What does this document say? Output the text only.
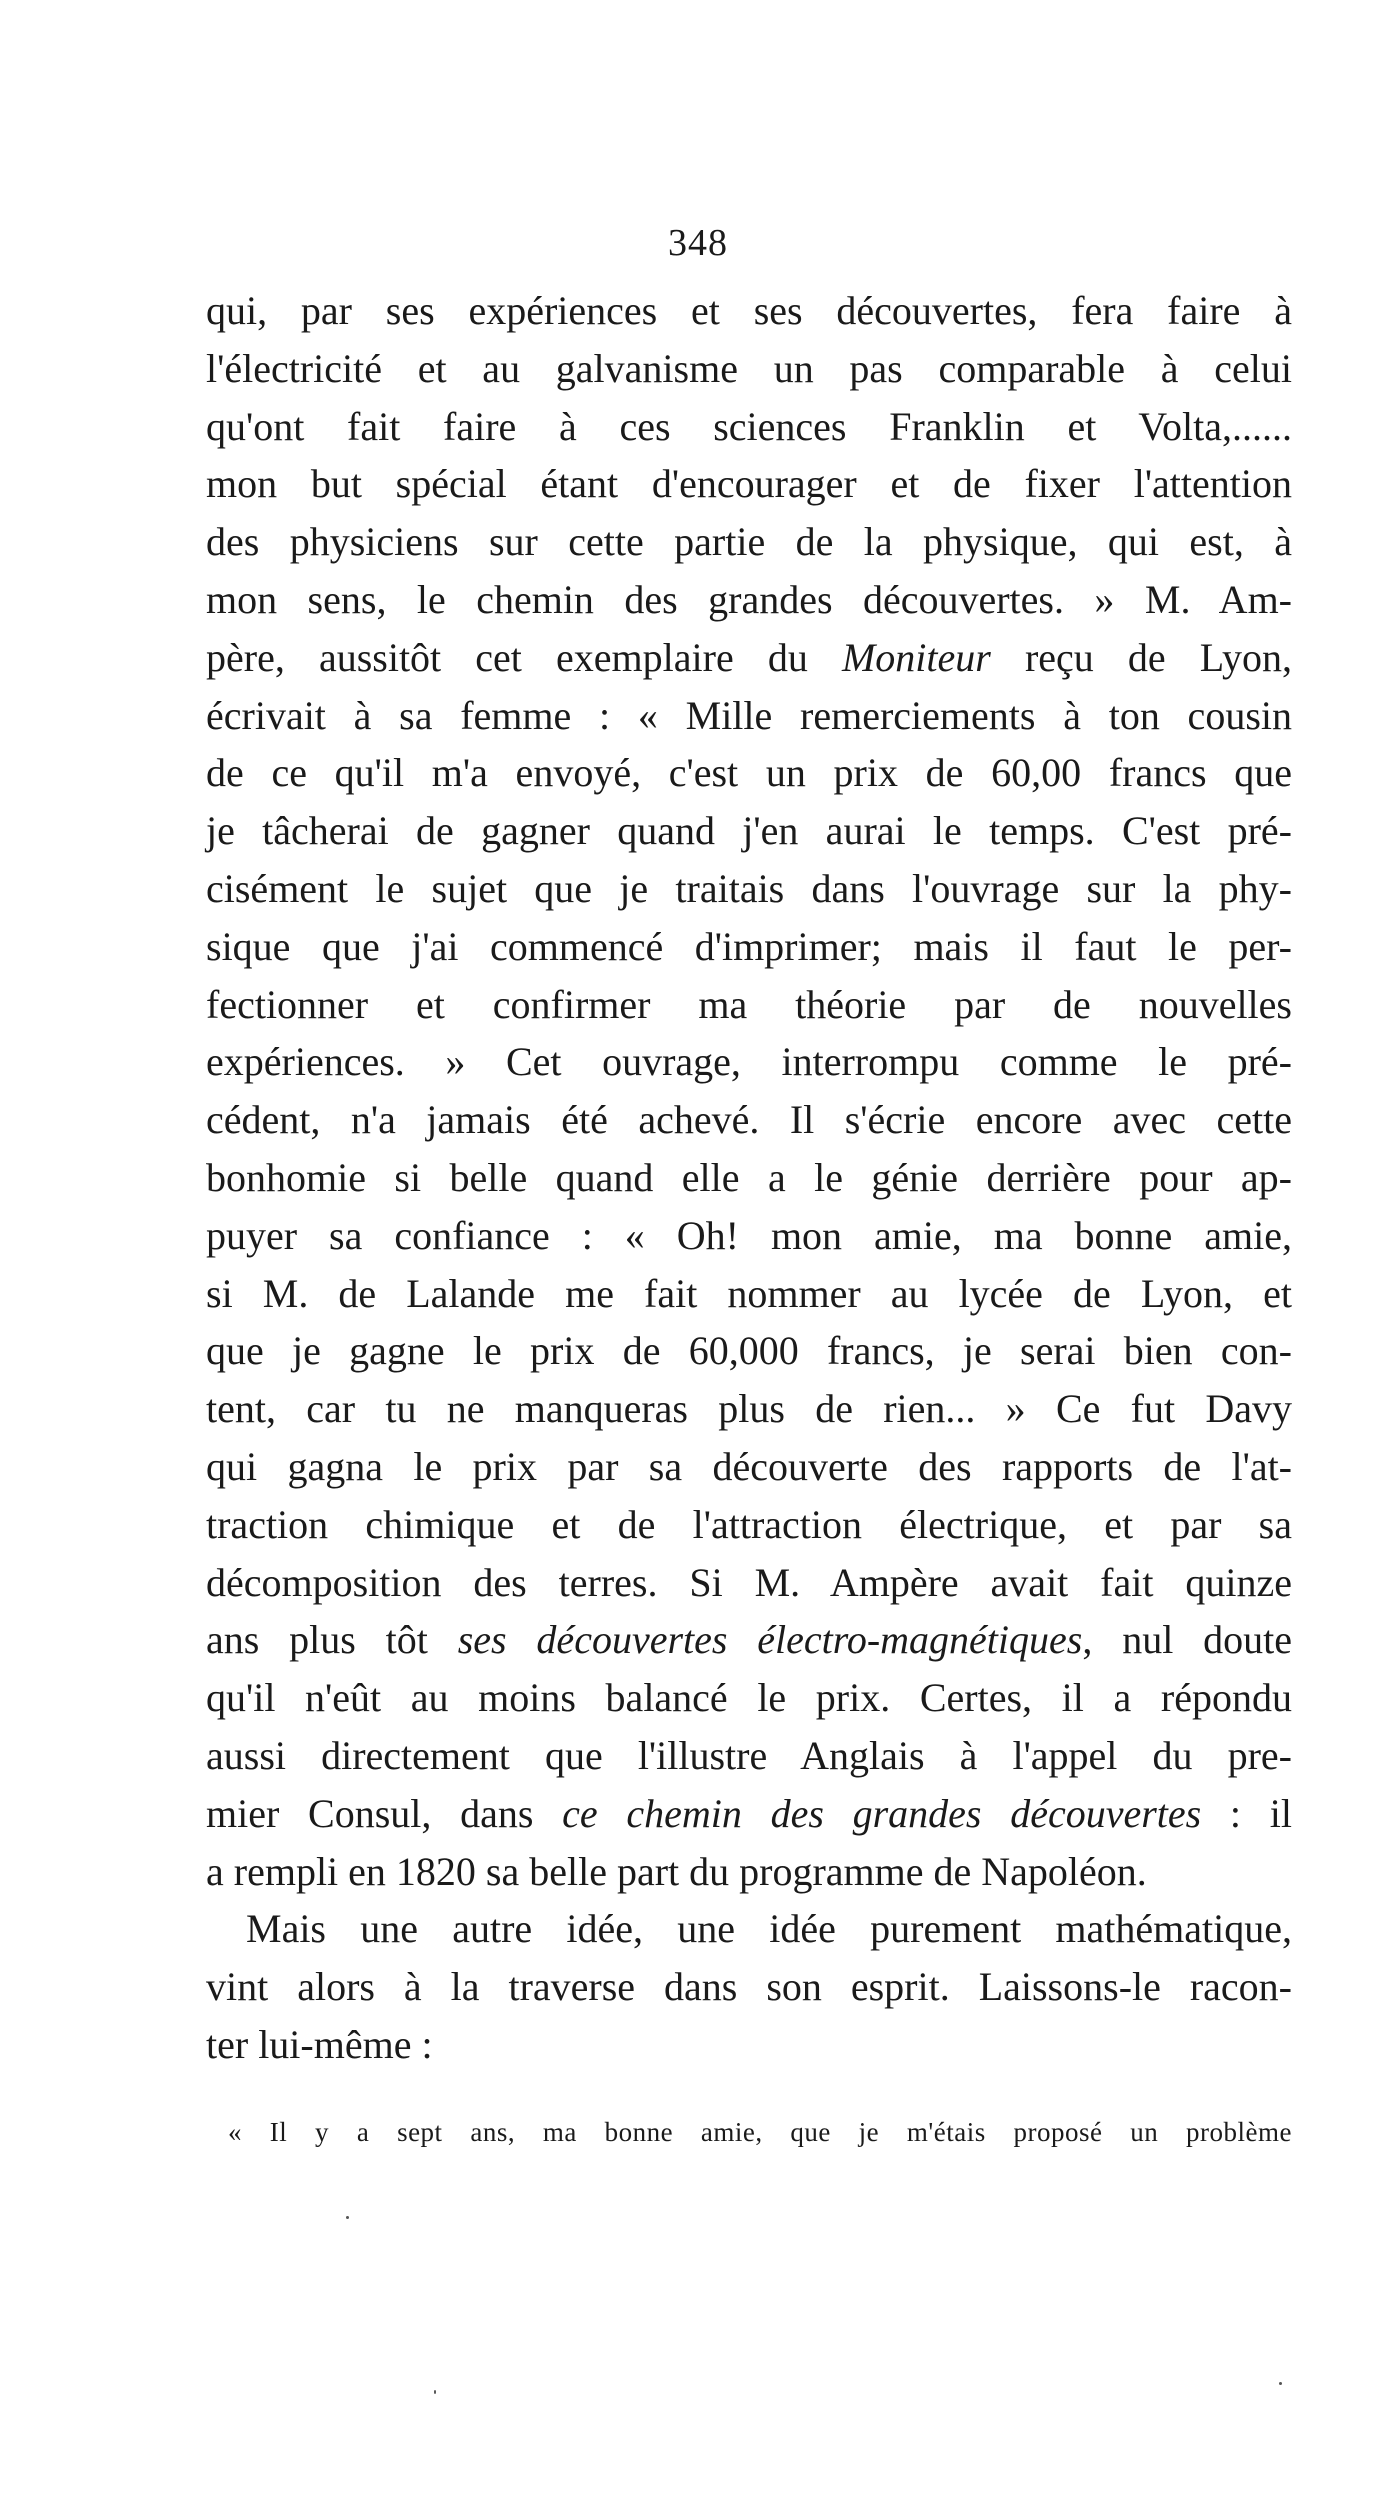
348
qui, par ses expériences et ses découvertes, fera faire à
l'électricité et au galvanisme un pas comparable à celui
qu'ont fait faire à ces sciences Franklin et Volta,......
mon but spécial étant d'encourager et de fixer l'attention
des physiciens sur cette partie de la physique, qui est, à
mon sens, le chemin des grandes découvertes. » M. Am-
père, aussitôt cet exemplaire du Moniteur reçu de Lyon,
écrivait à sa femme : « Mille remerciements à ton cousin
de ce qu'il m'a envoyé, c'est un prix de 60,00 francs que
je tâcherai de gagner quand j'en aurai le temps. C'est pré-
cisément le sujet que je traitais dans l'ouvrage sur la phy-
sique que j'ai commencé d'imprimer; mais il faut le per-
fectionner et confirmer ma théorie par de nouvelles
expériences. » Cet ouvrage, interrompu comme le pré-
cédent, n'a jamais été achevé. Il s'écrie encore avec cette
bonhomie si belle quand elle a le génie derrière pour ap-
puyer sa confiance : « Oh! mon amie, ma bonne amie,
si M. de Lalande me fait nommer au lycée de Lyon, et
que je gagne le prix de 60,000 francs, je serai bien con-
tent, car tu ne manqueras plus de rien... » Ce fut Davy
qui gagna le prix par sa découverte des rapports de l'at-
traction chimique et de l'attraction électrique, et par sa
décomposition des terres. Si M. Ampère avait fait quinze
ans plus tôt ses découvertes électro-magnétiques, nul doute
qu'il n'eût au moins balancé le prix. Certes, il a répondu
aussi directement que l'illustre Anglais à l'appel du pre-
mier Consul, dans ce chemin des grandes découvertes : il
a rempli en 1820 sa belle part du programme de Napoléon.
Mais une autre idée, une idée purement mathématique,
vint alors à la traverse dans son esprit. Laissons-le racon-
ter lui-même :
« Il y a sept ans, ma bonne amie, que je m'étais proposé un problème
